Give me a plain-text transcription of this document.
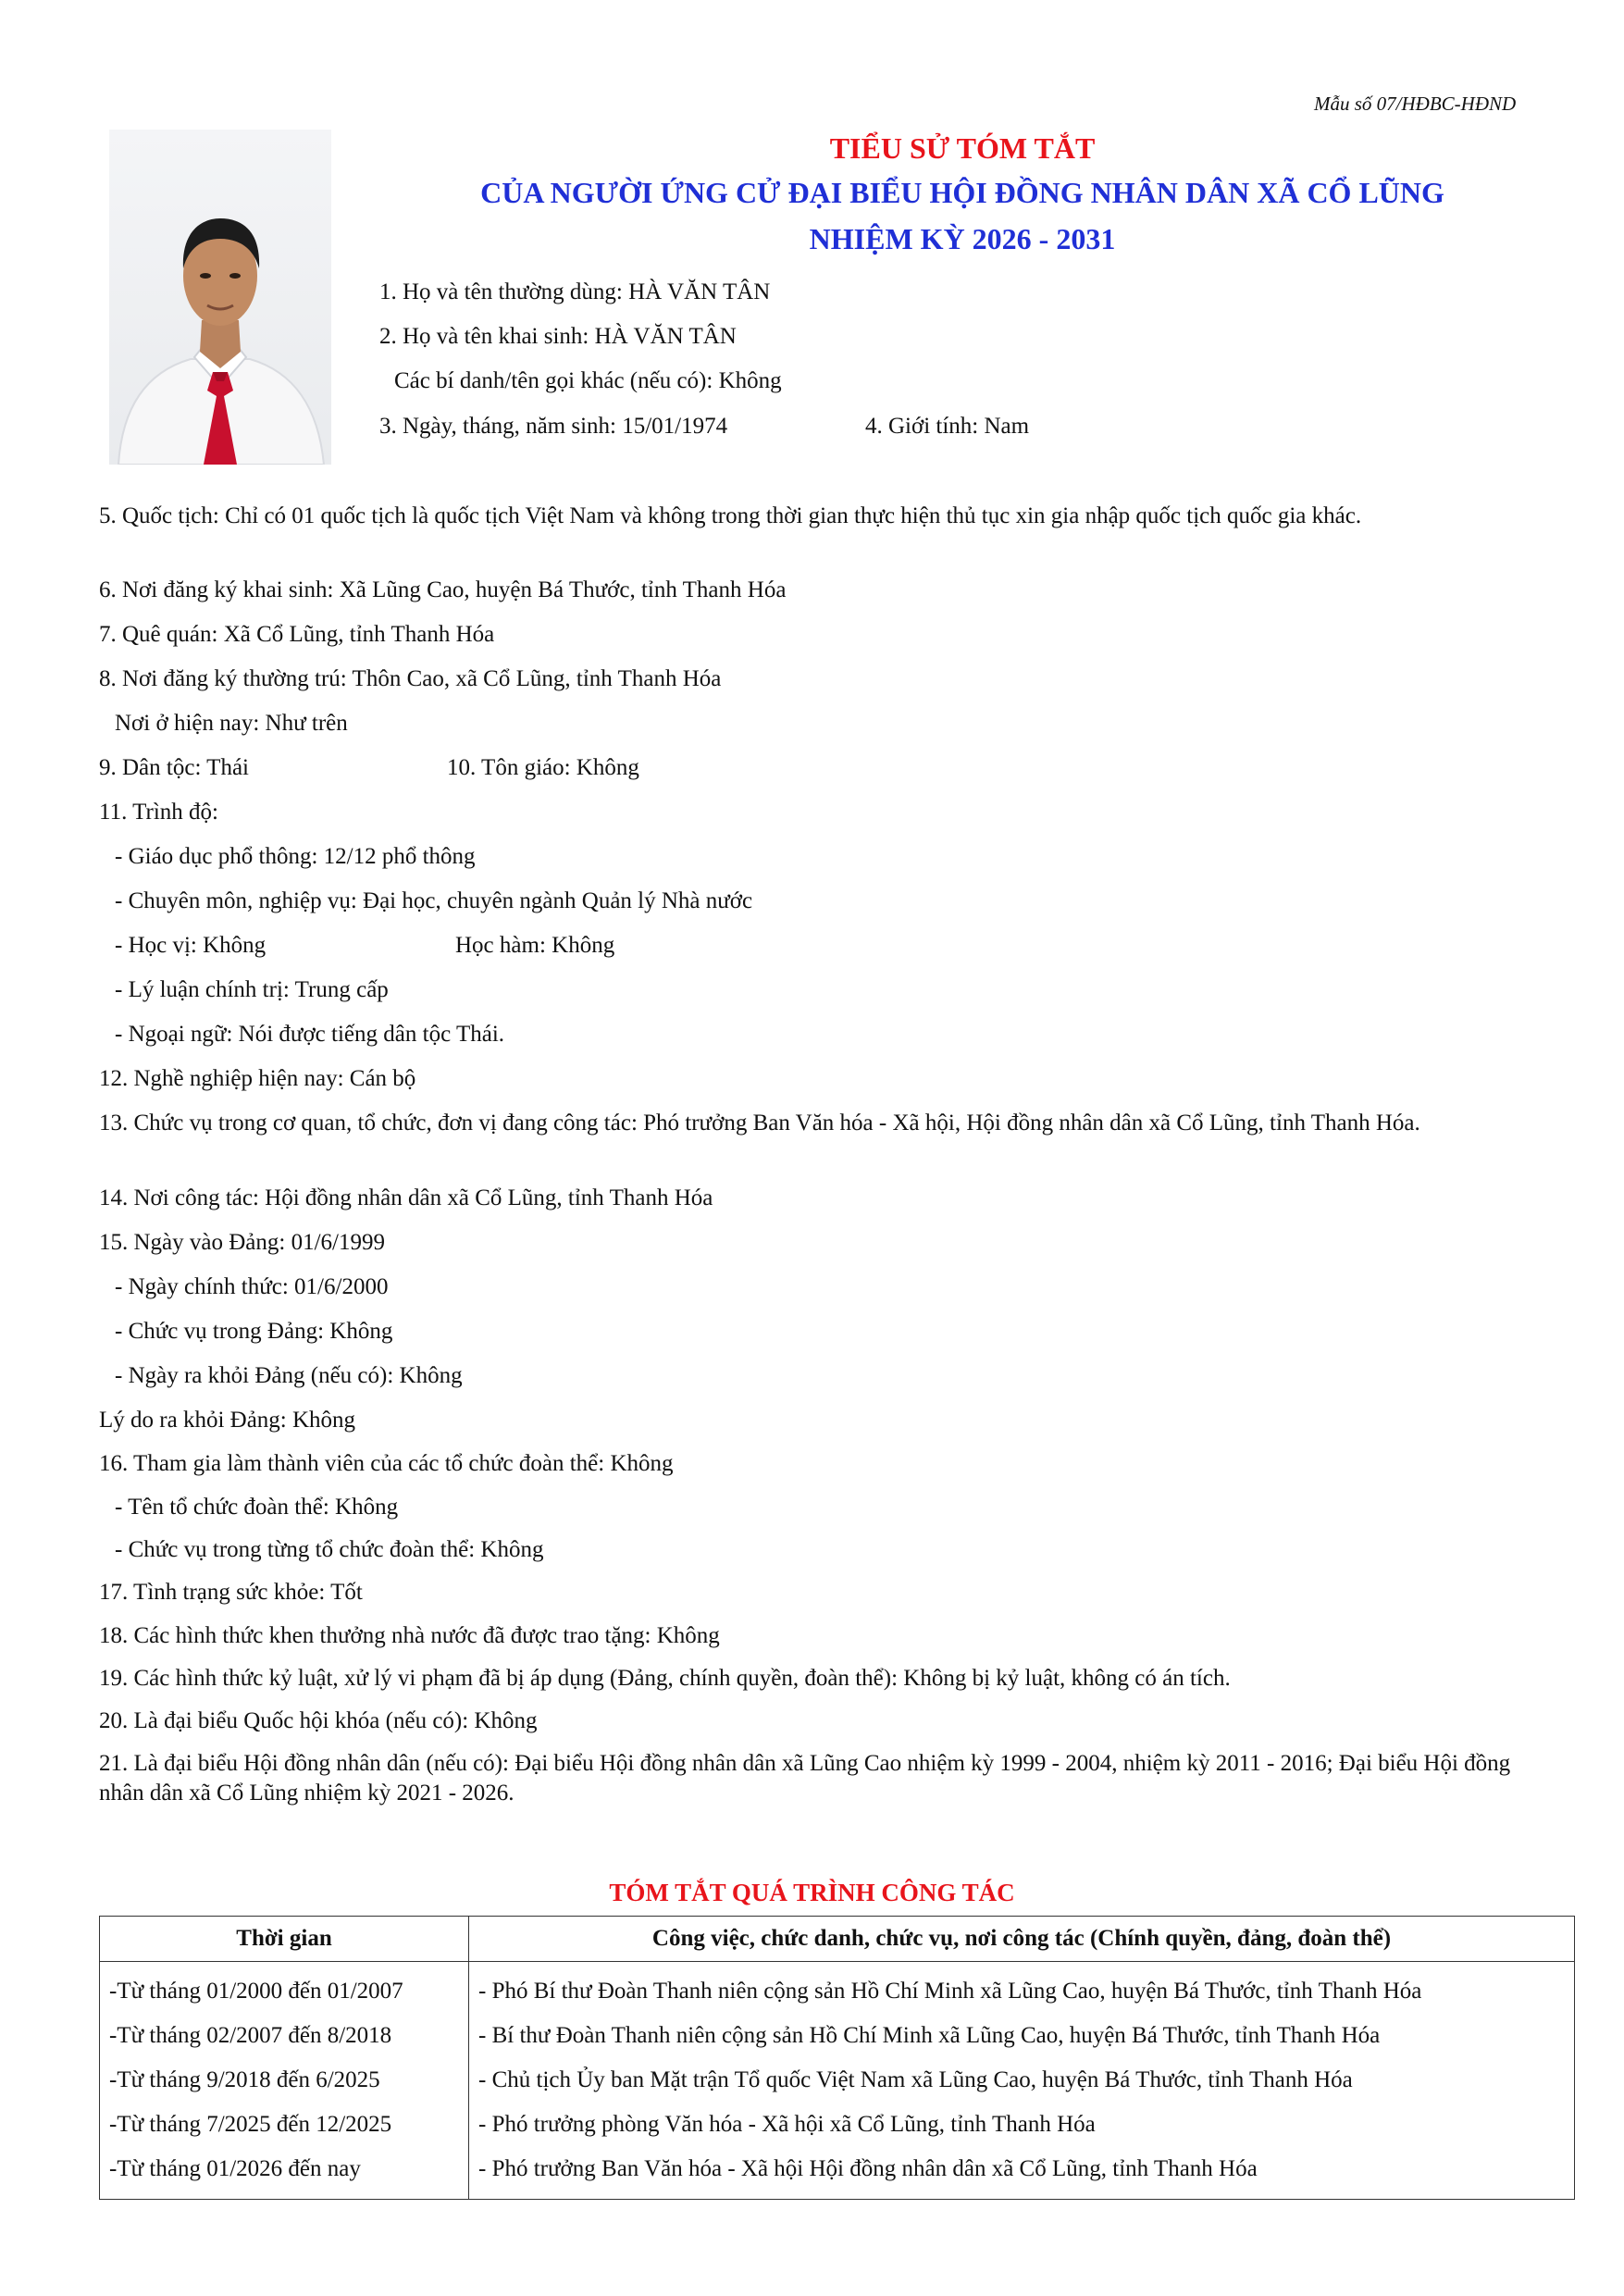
Mẫu số 07/HĐBC-HĐND
TIỂU SỬ TÓM TẮT
CỦA NGƯỜI ỨNG CỬ ĐẠI BIỂU HỘI ĐỒNG NHÂN DÂN XÃ CỔ LŨNG
NHIỆM KỲ 2026 - 2031
1. Họ và tên thường dùng: HÀ VĂN TÂN
2. Họ và tên khai sinh: HÀ VĂN TÂN
Các bí danh/tên gọi khác (nếu có): Không
3. Ngày, tháng, năm sinh: 15/01/1974	4. Giới tính: Nam
5. Quốc tịch: Chỉ có 01 quốc tịch là quốc tịch Việt Nam và không trong thời gian thực hiện thủ tục xin gia nhập quốc tịch quốc gia khác.
6. Nơi đăng ký khai sinh: Xã Lũng Cao, huyện Bá Thước, tỉnh Thanh Hóa
7. Quê quán: Xã Cổ Lũng, tỉnh Thanh Hóa
8. Nơi đăng ký thường trú: Thôn Cao, xã Cổ Lũng, tỉnh Thanh Hóa
Nơi ở hiện nay: Như trên
9. Dân tộc: Thái	10. Tôn giáo: Không
11. Trình độ:
- Giáo dục phổ thông: 12/12 phổ thông
- Chuyên môn, nghiệp vụ: Đại học, chuyên ngành Quản lý Nhà nước
- Học vị: Không	Học hàm: Không
- Lý luận chính trị: Trung cấp
- Ngoại ngữ: Nói được tiếng dân tộc Thái.
12. Nghề nghiệp hiện nay: Cán bộ
13. Chức vụ trong cơ quan, tổ chức, đơn vị đang công tác: Phó trưởng Ban Văn hóa - Xã hội, Hội đồng nhân dân xã Cổ Lũng, tỉnh Thanh Hóa.
14. Nơi công tác: Hội đồng nhân dân xã Cổ Lũng, tỉnh Thanh Hóa
15. Ngày vào Đảng: 01/6/1999
- Ngày chính thức: 01/6/2000
- Chức vụ trong Đảng: Không
- Ngày ra khỏi Đảng (nếu có): Không
Lý do ra khỏi Đảng: Không
16. Tham gia làm thành viên của các tổ chức đoàn thể: Không
- Tên tổ chức đoàn thể: Không
- Chức vụ trong từng tổ chức đoàn thể: Không
17. Tình trạng sức khỏe: Tốt
18. Các hình thức khen thưởng nhà nước đã được trao tặng: Không
19. Các hình thức kỷ luật, xử lý vi phạm đã bị áp dụng (Đảng, chính quyền, đoàn thể): Không bị kỷ luật, không có án tích.
20. Là đại biểu Quốc hội khóa (nếu có): Không
21. Là đại biểu Hội đồng nhân dân (nếu có): Đại biểu Hội đồng nhân dân xã Lũng Cao nhiệm kỳ 1999 - 2004, nhiệm kỳ 2011 - 2016; Đại biểu Hội đồng nhân dân xã Cổ Lũng nhiệm kỳ 2021 - 2026.
TÓM TẮT QUÁ TRÌNH CÔNG TÁC
Thời gian	Công việc, chức danh, chức vụ, nơi công tác (Chính quyền, đảng, đoàn thể)
-Từ tháng 01/2000 đến 01/2007	- Phó Bí thư Đoàn Thanh niên cộng sản Hồ Chí Minh xã Lũng Cao, huyện Bá Thước, tỉnh Thanh Hóa
-Từ tháng 02/2007 đến 8/2018	- Bí thư Đoàn Thanh niên cộng sản Hồ Chí Minh xã Lũng Cao, huyện Bá Thước, tỉnh Thanh Hóa
-Từ tháng 9/2018 đến 6/2025	- Chủ tịch Ủy ban Mặt trận Tổ quốc Việt Nam xã Lũng Cao, huyện Bá Thước, tỉnh Thanh Hóa
-Từ tháng 7/2025 đến 12/2025	- Phó trưởng phòng Văn hóa - Xã hội xã Cổ Lũng, tỉnh Thanh Hóa
-Từ tháng 01/2026 đến nay	- Phó trưởng Ban Văn hóa - Xã hội Hội đồng nhân dân xã Cổ Lũng, tỉnh Thanh Hóa
